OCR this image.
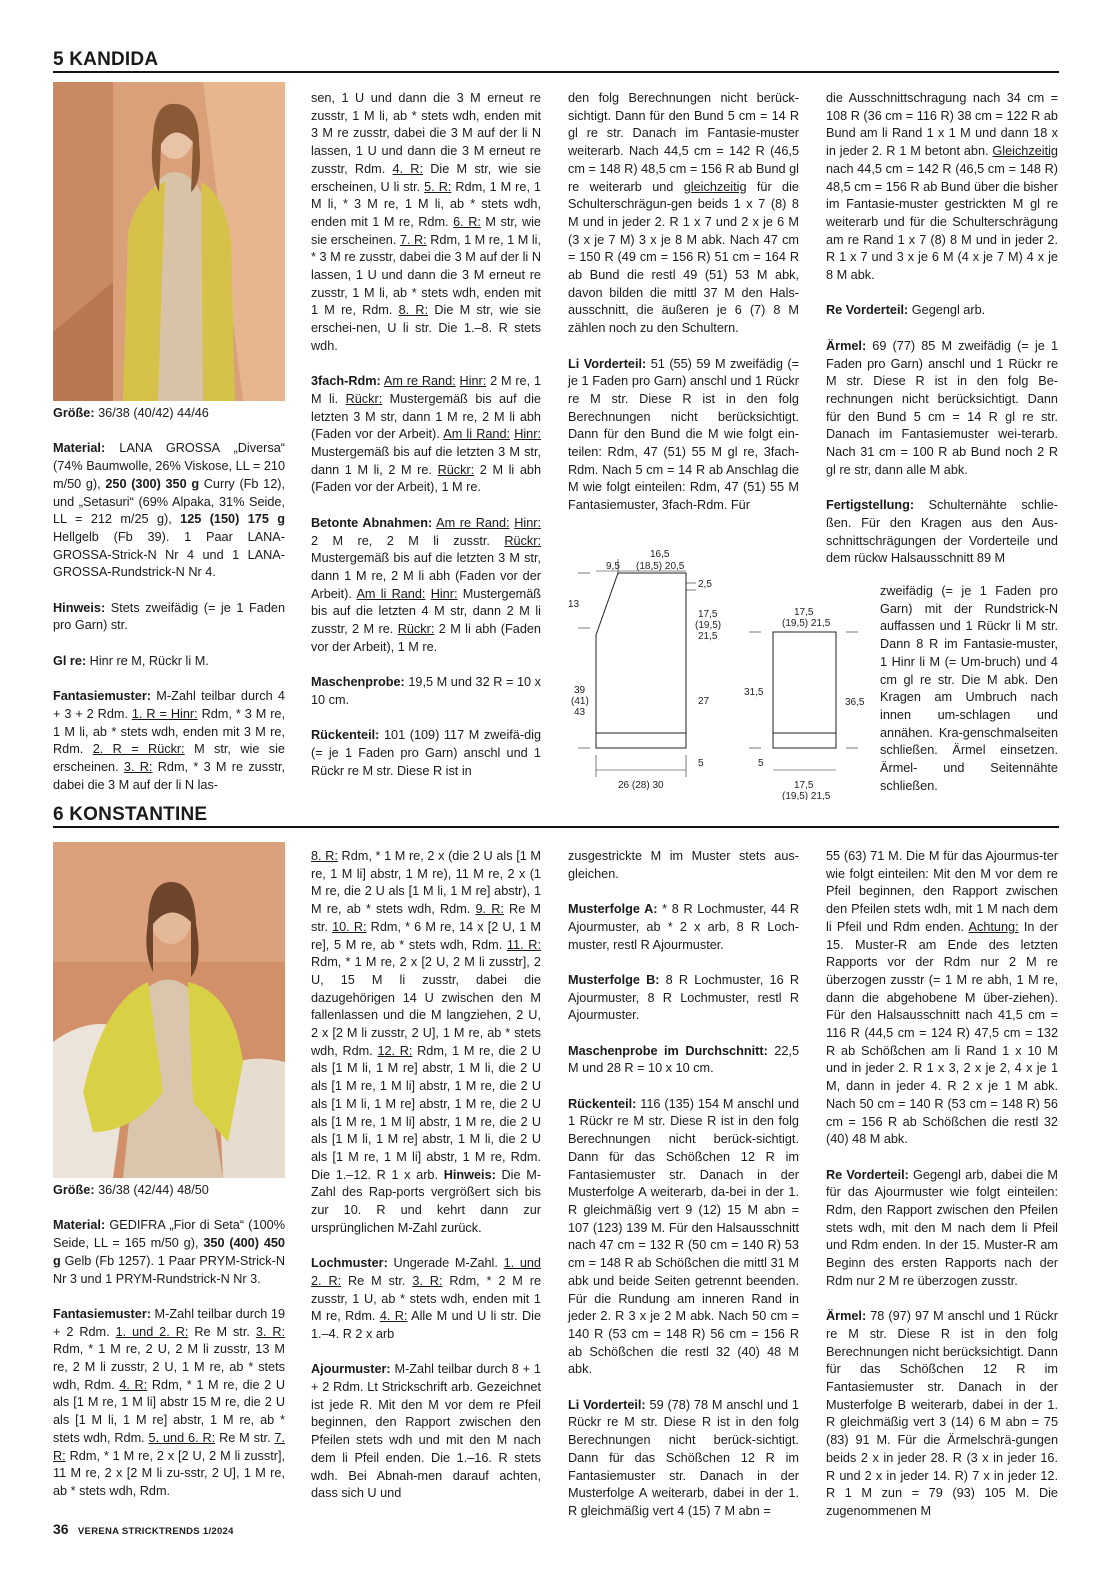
5 KANDIDA

Größe: 36/38 (40/42) 44/46

Material: LANA GROSSA „Diversa“ (74% Baumwolle, 26% Viskose, LL = 210 m/50 g), 250 (300) 350 g Curry (Fb 12), und „Setasuri“ (69% Alpaka, 31% Seide, LL = 212 m/25 g), 125 (150) 175 g Hellgelb (Fb 39). 1 Paar LANA-GROSSA-Strick-N Nr 4 und 1 LANA-GROSSA-Rundstrick-N Nr 4.

Hinweis: Stets zweifädig (= je 1 Faden pro Garn) str.

Gl re: Hinr re M, Rückr li M.

Fantasiemuster: M-Zahl teilbar durch 4 + 3 + 2 Rdm. 1. R = Hinr: Rdm, * 3 M re, 1 M li, ab * stets wdh, enden mit 3 M re, Rdm. 2. R = Rückr: M str, wie sie erscheinen. 3. R: Rdm, * 3 M re zusstr, dabei die 3 M auf der li N las-

sen, 1 U und dann die 3 M erneut re zusstr, 1 M li, ab * stets wdh, enden mit 3 M re zusstr, dabei die 3 M auf der li N lassen, 1 U und dann die 3 M erneut re zusstr, Rdm. 4. R: Die M str, wie sie erscheinen, U li str. 5. R: Rdm, 1 M re, 1 M li, * 3 M re, 1 M li, ab * stets wdh, enden mit 1 M re, Rdm. 6. R: M str, wie sie erscheinen. 7. R: Rdm, 1 M re, 1 M li, * 3 M re zusstr, dabei die 3 M auf der li N lassen, 1 U und dann die 3 M erneut re zusstr, 1 M li, ab * stets wdh, enden mit 1 M re, Rdm. 8. R: Die M str, wie sie erschei-nen, U li str. Die 1.–8. R stets wdh.

3fach-Rdm: Am re Rand: Hinr: 2 M re, 1 M li. Rückr: Mustergemäß bis auf die letzten 3 M str, dann 1 M re, 2 M li abh (Faden vor der Arbeit). Am li Rand: Hinr: Mustergemäß bis auf die letzten 3 M str, dann 1 M li, 2 M re. Rückr: 2 M li abh (Faden vor der Arbeit), 1 M re.

Betonte Abnahmen: Am re Rand: Hinr: 2 M re, 2 M li zusstr. Rückr: Mustergemäß bis auf die letzten 3 M str, dann 1 M re, 2 M li abh (Faden vor der Arbeit). Am li Rand: Hinr: Mustergemäß bis auf die letzten 4 M str, dann 2 M li zusstr, 2 M re. Rückr: 2 M li abh (Faden vor der Arbeit), 1 M re.

Maschenprobe: 19,5 M und 32 R = 10 x 10 cm.

Rückenteil: 101 (109) 117 M zweifä-dig (= je 1 Faden pro Garn) anschl und 1 Rückr re M str. Diese R ist in

den folg Berechnungen nicht berück-sichtigt. Dann für den Bund 5 cm = 14 R gl re str. Danach im Fantasie-muster weiterarb. Nach 44,5 cm = 142 R (46,5 cm = 148 R) 48,5 cm = 156 R ab Bund gl re weiterarb und gleichzeitig für die Schulterschrägun-gen beids 1 x 7 (8) 8 M und in jeder 2. R 1 x 7 und 2 x je 6 M (3 x je 7 M) 3 x je 8 M abk. Nach 47 cm = 150 R (49 cm = 156 R) 51 cm = 164 R ab Bund die restl 49 (51) 53 M abk, davon bilden die mittl 37 M den Hals-ausschnitt, die äußeren je 6 (7) 8 M zählen noch zu den Schultern.

Li Vorderteil: 51 (55) 59 M zweifädig (= je 1 Faden pro Garn) anschl und 1 Rückr re M str. Diese R ist in den folg Berechnungen nicht berücksichtigt. Dann für den Bund die M wie folgt ein-teilen: Rdm, 47 (51) 55 M gl re, 3fach-Rdm. Nach 5 cm = 14 R ab Anschlag die M wie folgt einteilen: Rdm, 47 (51) 55 M Fantasiemuster, 3fach-Rdm. Für

die Ausschnittschragung nach 34 cm = 108 R (36 cm = 116 R) 38 cm = 122 R ab Bund am li Rand 1 x 1 M und dann 18 x in jeder 2. R 1 M betont abn. Gleichzeitig nach 44,5 cm = 142 R (46,5 cm = 148 R) 48,5 cm = 156 R ab Bund über die bisher im Fantasie-muster gestrickten M gl re weiterarb und für die Schulterschrägung am re Rand 1 x 7 (8) 8 M und in jeder 2. R 1 x 7 und 3 x je 6 M (4 x je 7 M) 4 x je 8 M abk.

Re Vorderteil: Gegengl arb.

Ärmel: 69 (77) 85 M zweifädig (= je 1 Faden pro Garn) anschl und 1 Rückr re M str. Diese R ist in den folg Be-rechnungen nicht berücksichtigt. Dann für den Bund 5 cm = 14 R gl re str. Danach im Fantasiemuster wei-terarb. Nach 31 cm = 100 R ab Bund noch 2 R gl re str, dann alle M abk.

Fertigstellung: Schulternähte schlie-ßen. Für den Kragen aus den Aus-schnittschrägungen der Vorderteile und dem rückw Halsausschnitt 89 M

zweifädig (= je 1 Faden pro Garn) mit der Rundstrick-N auffassen und 1 Rückr li M str. Dann 8 R im Fantasie-muster, 1 Hinr li M (= Um-bruch) und 4 cm gl re str. Die M abk. Den Kragen am Umbruch nach innen um-schlagen und annähen. Kra-genschmalseiten schließen. Ärmel einsetzen. Ärmel- und Seitennähte schließen.

9,5
16,5
(18,5) 20,5
2,5
13
17,5
(19,5)
21,5
39
(41)
43
27
5
26 (28) 30
17,5
(19,5) 21,5
31,5
36,5
5
17,5
(19,5) 21,5
6 KONSTANTINE

Größe: 36/38 (42/44) 48/50

Material: GEDIFRA „Fior di Seta“ (100% Seide, LL = 165 m/50 g), 350 (400) 450 g Gelb (Fb 1257). 1 Paar PRYM-Strick-N Nr 3 und 1 PRYM-Rundstrick-N Nr 3.

Fantasiemuster: M-Zahl teilbar durch 19 + 2 Rdm. 1. und 2. R: Re M str. 3. R: Rdm, * 1 M re, 2 U, 2 M li zusstr, 13 M re, 2 M li zusstr, 2 U, 1 M re, ab * stets wdh, Rdm. 4. R: Rdm, * 1 M re, die 2 U als [1 M re, 1 M li] abstr 15 M re, die 2 U als [1 M li, 1 M re] abstr, 1 M re, ab * stets wdh, Rdm. 5. und 6. R: Re M str. 7. R: Rdm, * 1 M re, 2 x [2 U, 2 M li zusstr], 11 M re, 2 x [2 M li zu-sstr, 2 U], 1 M re, ab * stets wdh, Rdm.

8. R: Rdm, * 1 M re, 2 x (die 2 U als [1 M re, 1 M li] abstr, 1 M re), 11 M re, 2 x (1 M re, die 2 U als [1 M li, 1 M re] abstr), 1 M re, ab * stets wdh, Rdm. 9. R: Re M str. 10. R: Rdm, * 6 M re, 14 x [2 U, 1 M re], 5 M re, ab * stets wdh, Rdm. 11. R: Rdm, * 1 M re, 2 x [2 U, 2 M li zusstr], 2 U, 15 M li zusstr, dabei die dazugehörigen 14 U zwischen den M fallenlassen und die M langziehen, 2 U, 2 x [2 M li zusstr, 2 U], 1 M re, ab * stets wdh, Rdm. 12. R: Rdm, 1 M re, die 2 U als [1 M li, 1 M re] abstr, 1 M li, die 2 U als [1 M re, 1 M li] abstr, 1 M re, die 2 U als [1 M li, 1 M re] abstr, 1 M re, die 2 U als [1 M re, 1 M li] abstr, 1 M re, die 2 U als [1 M li, 1 M re] abstr, 1 M li, die 2 U als [1 M re, 1 M li] abstr, 1 M re, Rdm. Die 1.–12. R 1 x arb. Hinweis: Die M-Zahl des Rap-ports vergrößert sich bis zur 10. R und kehrt dann zur ursprünglichen M-Zahl zurück.

Lochmuster: Ungerade M-Zahl. 1. und 2. R: Re M str. 3. R: Rdm, * 2 M re zusstr, 1 U, ab * stets wdh, enden mit 1 M re, Rdm. 4. R: Alle M und U li str. Die 1.–4. R 2 x arb

Ajourmuster: M-Zahl teilbar durch 8 + 1 + 2 Rdm. Lt Strickschrift arb. Gezeichnet ist jede R. Mit den M vor dem re Pfeil beginnen, den Rapport zwischen den Pfeilen stets wdh und mit den M nach dem li Pfeil enden. Die 1.–16. R stets wdh. Bei Abnah-men darauf achten, dass sich U und

zusgestrickte M im Muster stets aus-gleichen.

Musterfolge A: * 8 R Lochmuster, 44 R Ajourmuster, ab * 2 x arb, 8 R Loch-muster, restl R Ajourmuster.

Musterfolge B: 8 R Lochmuster, 16 R Ajourmuster, 8 R Lochmuster, restl R Ajourmuster.

Maschenprobe im Durchschnitt: 22,5 M und 28 R = 10 x 10 cm.

Rückenteil: 116 (135) 154 M anschl und 1 Rückr re M str. Diese R ist in den folg Berechnungen nicht berück-sichtigt. Dann für das Schößchen 12 R im Fantasiemuster str. Danach in der Musterfolge A weiterarb, da-bei in der 1. R gleichmäßig vert 9 (12) 15 M abn = 107 (123) 139 M. Für den Halsausschnitt nach 47 cm = 132 R (50 cm = 140 R) 53 cm = 148 R ab Schößchen die mittl 31 M abk und beide Seiten getrennt beenden. Für die Rundung am inneren Rand in jeder 2. R 3 x je 2 M abk. Nach 50 cm = 140 R (53 cm = 148 R) 56 cm = 156 R ab Schößchen die restl 32 (40) 48 M abk.

Li Vorderteil: 59 (78) 78 M anschl und 1 Rückr re M str. Diese R ist in den folg Berechnungen nicht berück-sichtigt. Dann für das Schößchen 12 R im Fantasiemuster str. Danach in der Musterfolge A weiterarb, dabei in der 1. R gleichmäßig vert 4 (15) 7 M abn =

55 (63) 71 M. Die M für das Ajourmus-ter wie folgt einteilen: Mit den M vor dem re Pfeil beginnen, den Rapport zwischen den Pfeilen stets wdh, mit 1 M nach dem li Pfeil und Rdm enden. Achtung: In der 15. Muster-R am Ende des letzten Rapports vor der Rdm nur 2 M re überzogen zusstr (= 1 M re abh, 1 M re, dann die abgehobene M über-ziehen). Für den Halsausschnitt nach 41,5 cm = 116 R (44,5 cm = 124 R) 47,5 cm = 132 R ab Schößchen am li Rand 1 x 10 M und in jeder 2. R 1 x 3, 2 x je 2, 4 x je 1 M, dann in jeder 4. R 2 x je 1 M abk. Nach 50 cm = 140 R (53 cm = 148 R) 56 cm = 156 R ab Schößchen die restl 32 (40) 48 M abk.

Re Vorderteil: Gegengl arb, dabei die M für das Ajourmuster wie folgt einteilen: Rdm, den Rapport zwischen den Pfeilen stets wdh, mit den M nach dem li Pfeil und Rdm enden. In der 15. Muster-R am Beginn des ersten Rapports nach der Rdm nur 2 M re überzogen zusstr.

Ärmel: 78 (97) 97 M anschl und 1 Rückr re M str. Diese R ist in den folg Berechnungen nicht berücksichtigt. Dann für das Schößchen 12 R im Fantasiemuster str. Danach in der Musterfolge B weiterarb, dabei in der 1. R gleichmäßig vert 3 (14) 6 M abn = 75 (83) 91 M. Für die Ärmelschrä-gungen beids 2 x in jeder 28. R (3 x in jeder 16. R und 2 x in jeder 14. R) 7 x in jeder 12. R 1 M zun = 79 (93) 105 M. Die zugenommenen M

36 VERENA STRICKTRENDS 1/2024
